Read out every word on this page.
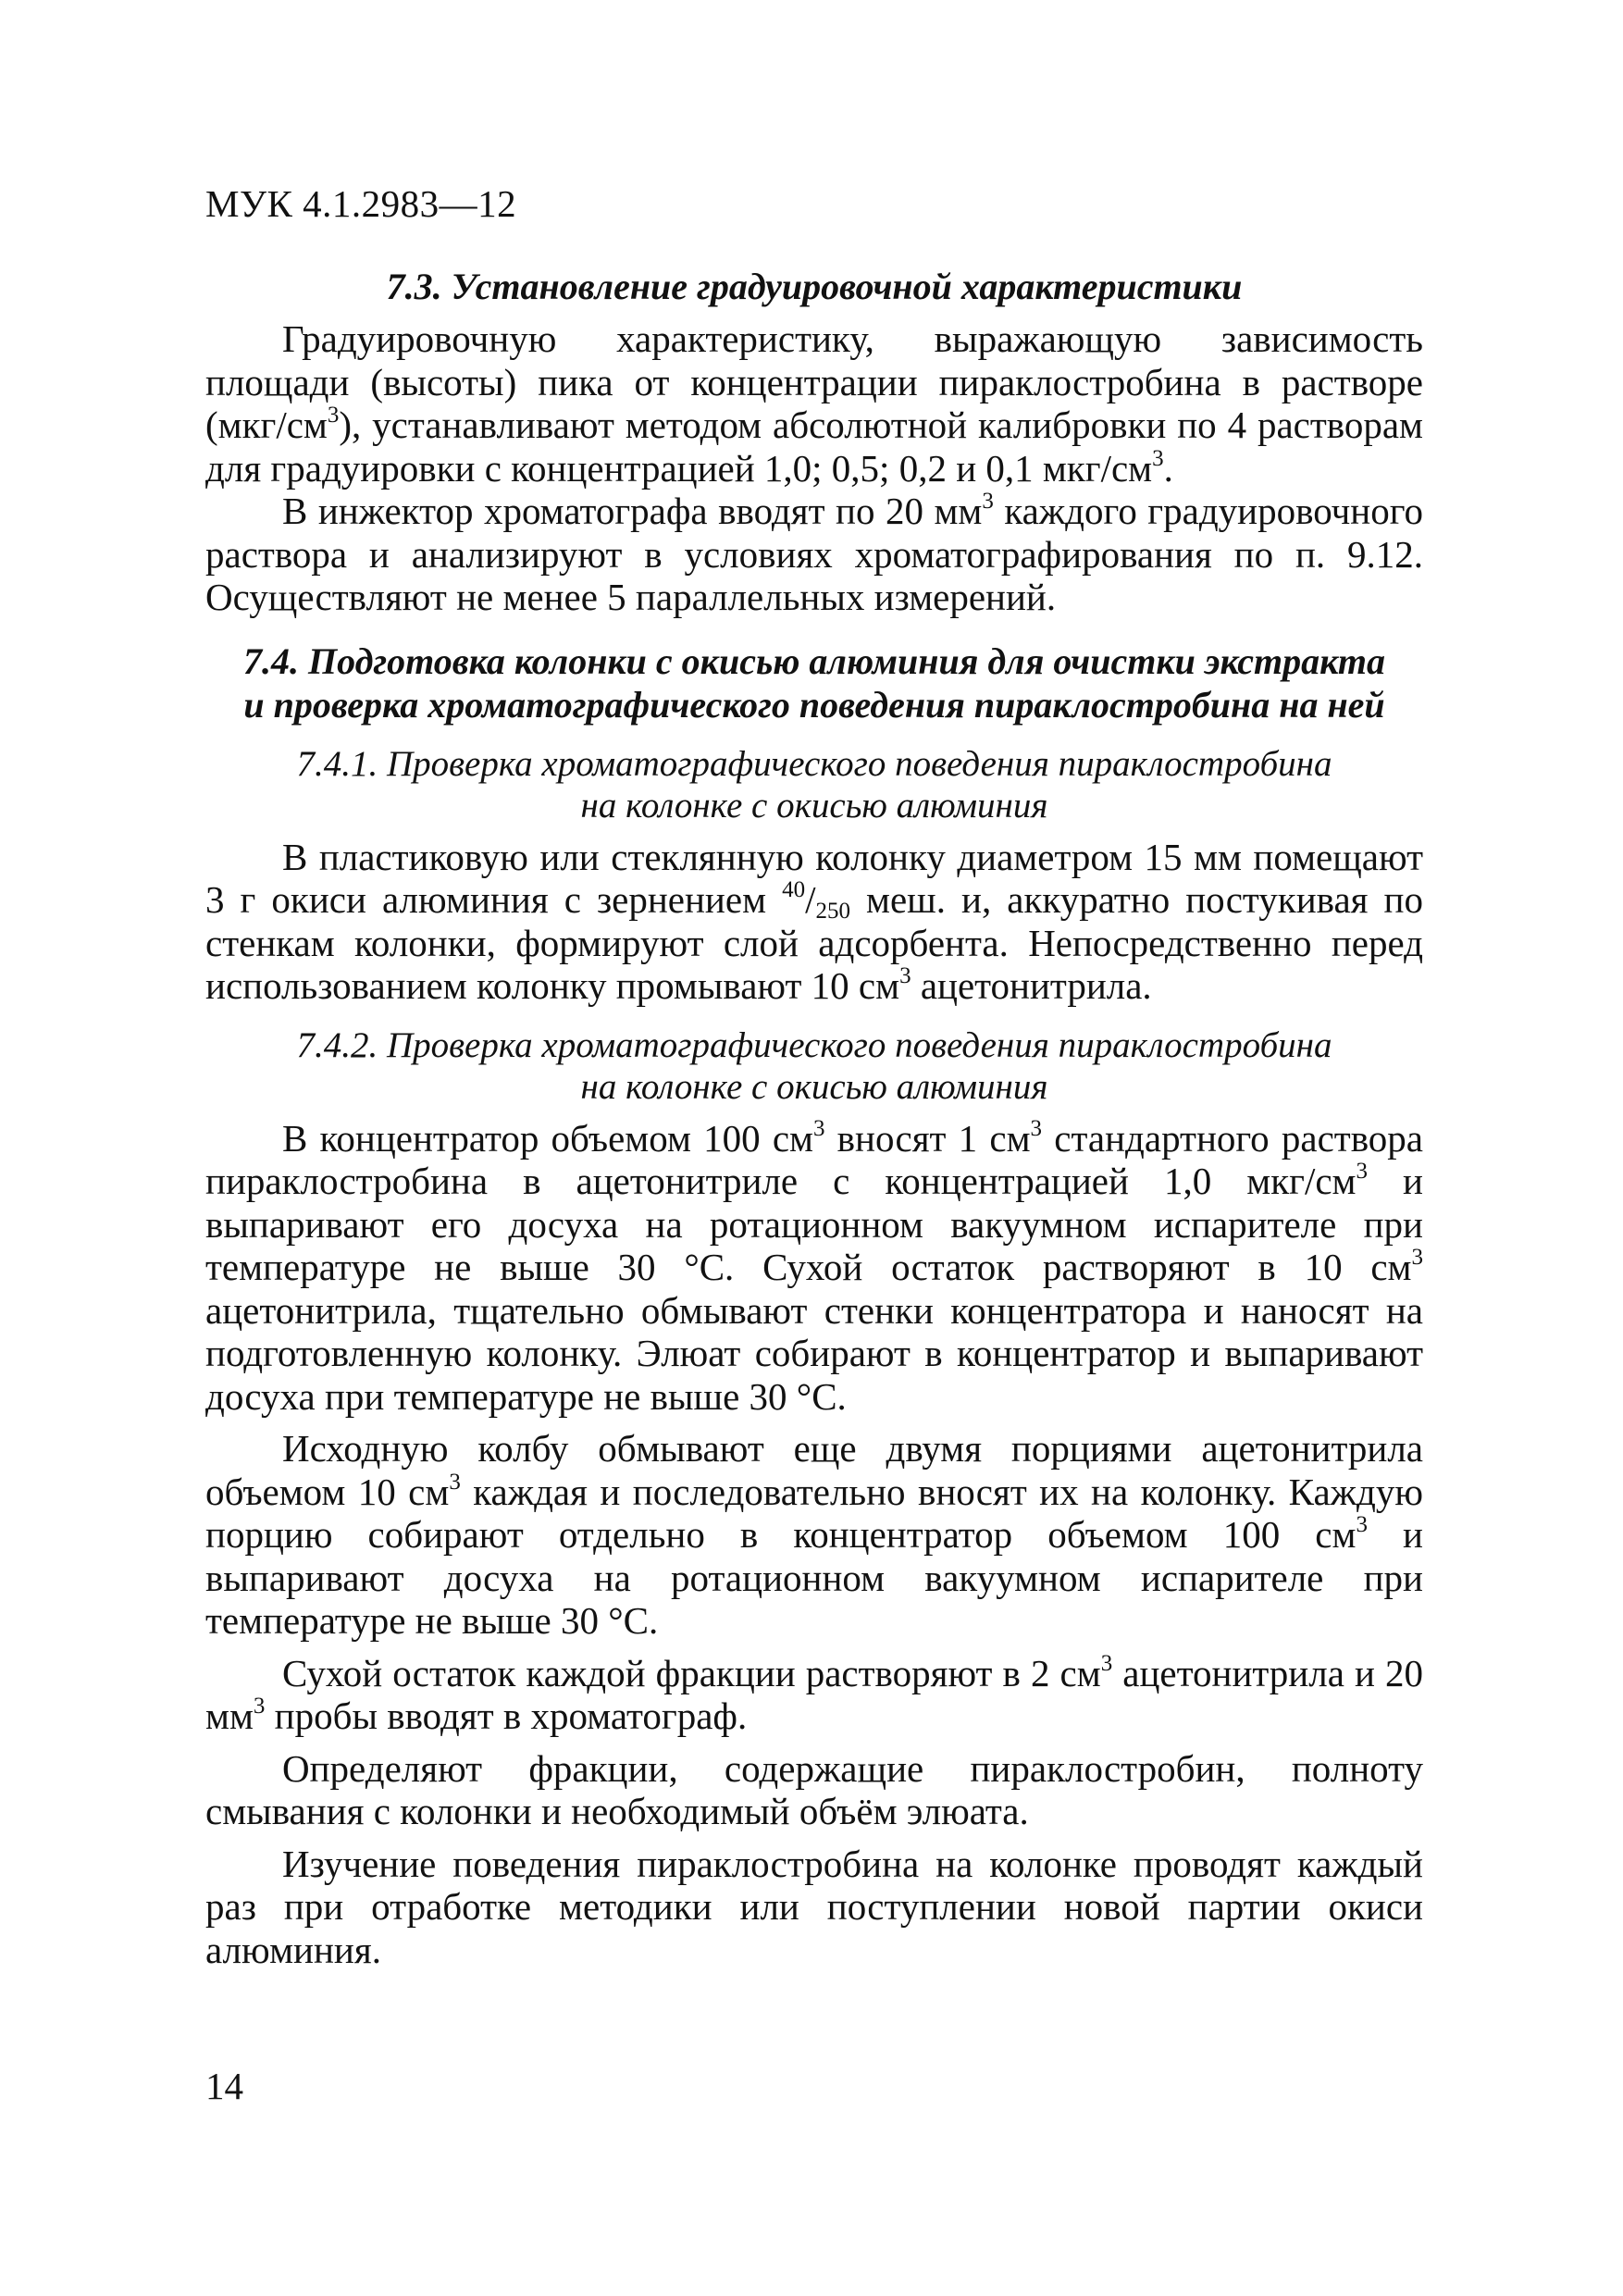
МУК 4.1.2983—12

7.3. Установление градуировочной характеристики

Градуировочную характеристику, выражающую зависимость площади (высоты) пика от концентрации пираклостробина в растворе $(мкг/см^3)$, устанавливают методом абсолютной калибровки по 4 растворам для градуировки с концентрацией 1,0; 0,5; 0,2 и 0,1 мкг/$см^3$.

В инжектор хроматографа вводят по 20 $мм^3$ каждого градуировочного раствора и анализируют в условиях хроматографирования по п. 9.12. Осуществляют не менее 5 параллельных измерений.

7.4. Подготовка колонки с окисью алюминия для очистки экстракта
и проверка хроматографического поведения пираклостробина на ней

7.4.1. Проверка хроматографического поведения пираклостробина
на колонке с окисью алюминия

В пластиковую или стеклянную колонку диаметром 15 мм помещают 3 г окиси алюминия с зернением $^{40}/_{250}$ меш. и, аккуратно постукивая по стенкам колонки, формируют слой адсорбента. Непосредственно перед использованием колонку промывают 10 $см^3$ ацетонитрила.

7.4.2. Проверка хроматографического поведения пираклостробина
на колонке с окисью алюминия

В концентратор объемом 100 $см^3$ вносят 1 $см^3$ стандартного раствора пираклостробина в ацетонитриле с концентрацией 1,0 мкг/$см^3$ и выпаривают его досуха на ротационном вакуумном испарителе при температуре не выше 30 °С. Сухой остаток растворяют в 10 $см^3$ ацетонитрила, тщательно обмывают стенки концентратора и наносят на подготовленную колонку. Элюат собирают в концентратор и выпаривают досуха при температуре не выше 30 °С.

Исходную колбу обмывают еще двумя порциями ацетонитрила объемом 10 $см^3$ каждая и последовательно вносят их на колонку. Каждую порцию собирают отдельно в концентратор объемом 100 $см^3$ и выпаривают досуха на ротационном вакуумном испарителе при температуре не выше 30 °С.

Сухой остаток каждой фракции растворяют в 2 $см^3$ ацетонитрила и 20 $мм^3$ пробы вводят в хроматограф.

Определяют фракции, содержащие пираклостробин, полноту смывания с колонки и необходимый объём элюата.

Изучение поведения пираклостробина на колонке проводят каждый раз при отработке методики или поступлении новой партии окиси алюминия.

14
